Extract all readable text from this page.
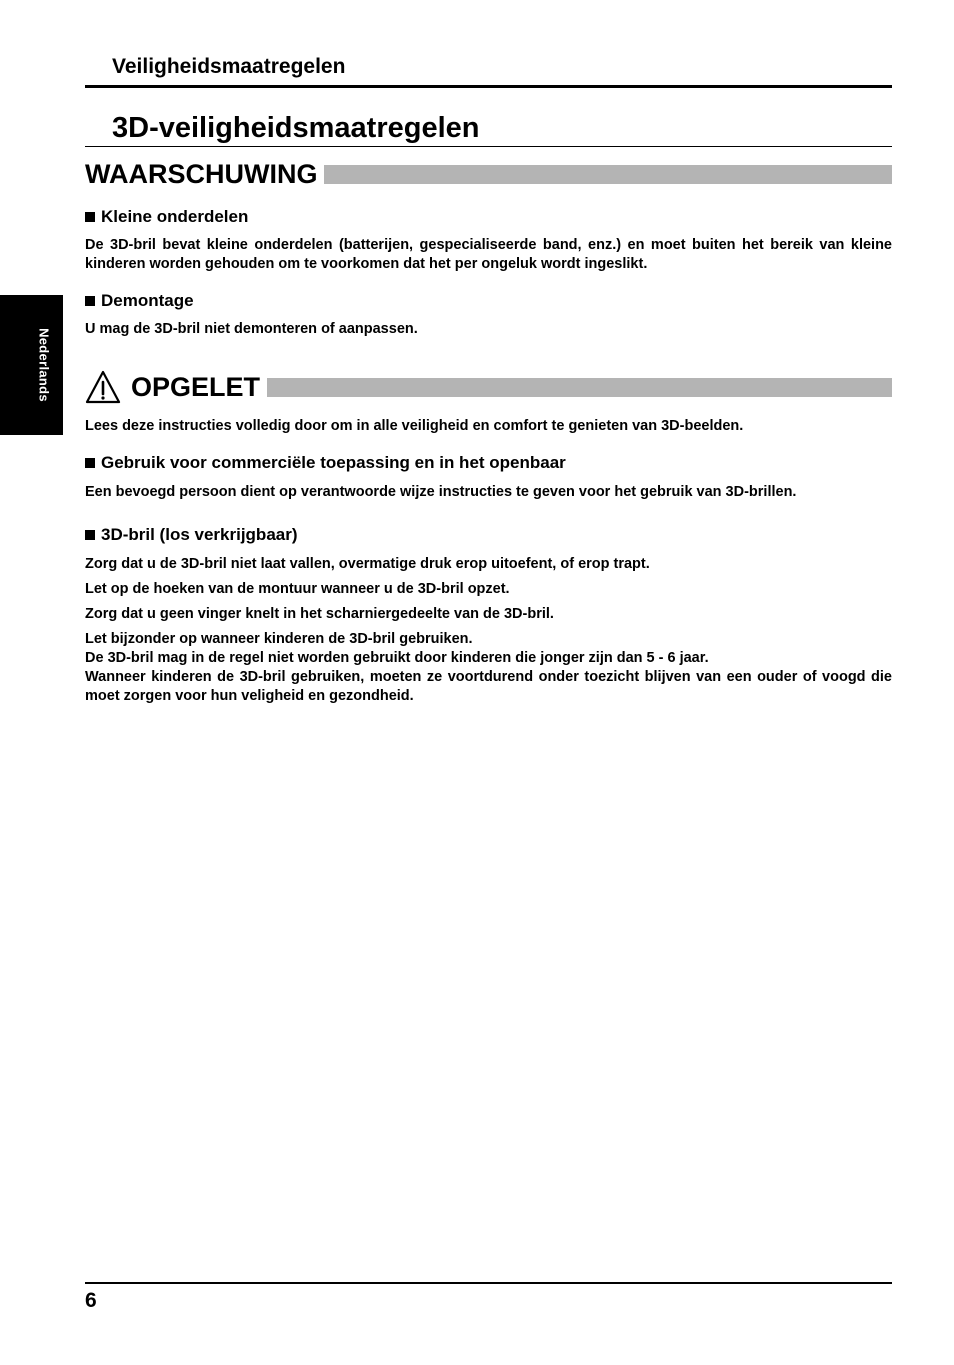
Veiligheidsmaatregelen
3D-veiligheidsmaatregelen
Nederlands
WAARSCHUWING
Kleine onderdelen
De 3D-bril bevat kleine onderdelen (batterijen, gespecialiseerde band, enz.) en moet buiten het bereik van kleine kinderen worden gehouden om te voorkomen dat het per ongeluk wordt ingeslikt.
Demontage
U mag de 3D-bril niet demonteren of aanpassen.
OPGELET
Lees deze instructies volledig door om in alle veiligheid en comfort te genieten van 3D-beelden.
Gebruik voor commerciële toepassing en in het openbaar
Een bevoegd persoon dient op verantwoorde wijze instructies te geven voor het gebruik van 3D-brillen.
3D-bril (los verkrijgbaar)
Zorg dat u de 3D-bril niet laat vallen, overmatige druk erop uitoefent, of erop trapt.
Let op de hoeken van de montuur wanneer u de 3D-bril opzet.
Zorg dat u geen vinger knelt in het scharniergedeelte van de 3D-bril.
Let bijzonder op wanneer kinderen de 3D-bril gebruiken.
De 3D-bril mag in de regel niet worden gebruikt door kinderen die jonger zijn dan 5 - 6 jaar.
Wanneer kinderen de 3D-bril gebruiken, moeten ze voortdurend onder toezicht blijven van een ouder of voogd die moet zorgen voor hun veligheid en gezondheid.
6
